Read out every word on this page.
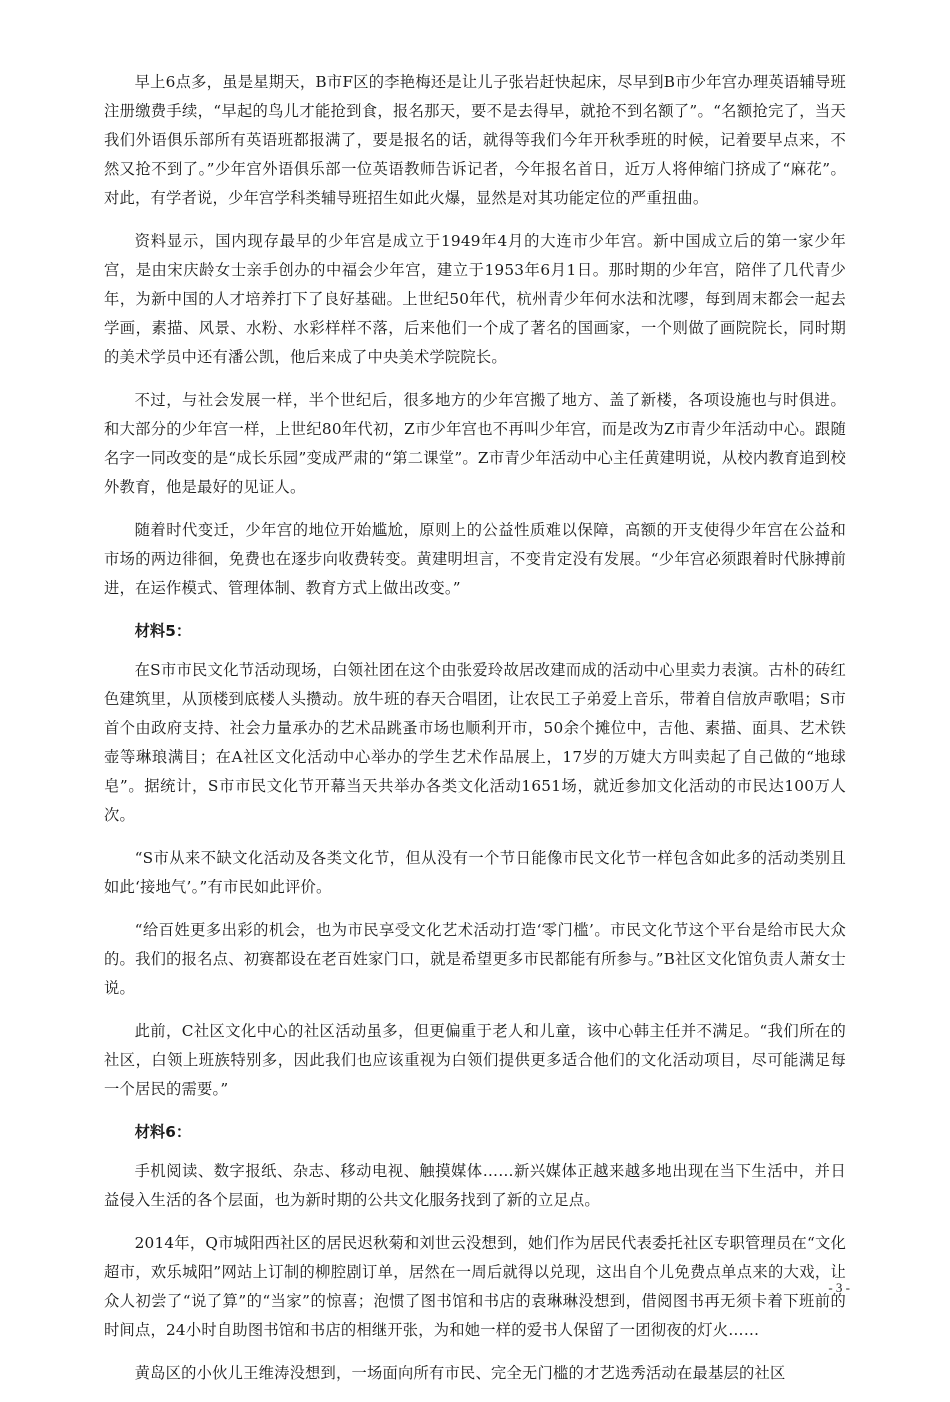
早上6点多，虽是星期天，B市F区的李艳梅还是让儿子张岩赶快起床，尽早到B市少年宫办理英语辅导班注册缴费手续，“早起的鸟儿才能抢到食，报名那天，要不是去得早，就抢不到名额了”。“名额抢完了，当天我们外语俱乐部所有英语班都报满了，要是报名的话，就得等我们今年开秋季班的时候，记着要早点来，不然又抢不到了。”少年宫外语俱乐部一位英语教师告诉记者，今年报名首日，近万人将伸缩门挤成了“麻花”。对此，有学者说，少年宫学科类辅导班招生如此火爆，显然是对其功能定位的严重扭曲。

资料显示，国内现存最早的少年宫是成立于1949年4月的大连市少年宫。新中国成立后的第一家少年宫，是由宋庆龄女士亲手创办的中福会少年宫，建立于1953年6月1日。那时期的少年宫，陪伴了几代青少年，为新中国的人才培养打下了良好基础。上世纪50年代，杭州青少年何水法和沈嘐，每到周末都会一起去学画，素描、风景、水粉、水彩样样不落，后来他们一个成了著名的国画家，一个则做了画院院长，同时期的美术学员中还有潘公凯，他后来成了中央美术学院院长。

不过，与社会发展一样，半个世纪后，很多地方的少年宫搬了地方、盖了新楼，各项设施也与时俱进。和大部分的少年宫一样，上世纪80年代初，Z市少年宫也不再叫少年宫，而是改为Z市青少年活动中心。跟随名字一同改变的是“成长乐园”变成严肃的“第二课堂”。Z市青少年活动中心主任黄建明说，从校内教育追到校外教育，他是最好的见证人。

随着时代变迁，少年宫的地位开始尴尬，原则上的公益性质难以保障，高额的开支使得少年宫在公益和市场的两边徘徊，免费也在逐步向收费转变。黄建明坦言，不变肯定没有发展。“少年宫必须跟着时代脉搏前进，在运作模式、管理体制、教育方式上做出改变。”

材料5：

在S市市民文化节活动现场，白领社团在这个由张爱玲故居改建而成的活动中心里卖力表演。古朴的砖红色建筑里，从顶楼到底楼人头攒动。放牛班的春天合唱团，让农民工子弟爱上音乐，带着自信放声歌唱；S市首个由政府支持、社会力量承办的艺术品跳蚤市场也顺利开市，50余个摊位中，吉他、素描、面具、艺术铁壶等琳琅满目；在A社区文化活动中心举办的学生艺术作品展上，17岁的万婕大方叫卖起了自己做的“地球皂”。据统计，S市市民文化节开幕当天共举办各类文化活动1651场，就近参加文化活动的市民达100万人次。

“S市从来不缺文化活动及各类文化节，但从没有一个节日能像市民文化节一样包含如此多的活动类别且如此‘接地气’。”有市民如此评价。

“给百姓更多出彩的机会，也为市民享受文化艺术活动打造‘零门槛’。市民文化节这个平台是给市民大众的。我们的报名点、初赛都设在老百姓家门口，就是希望更多市民都能有所参与。”B社区文化馆负责人萧女士说。

此前，C社区文化中心的社区活动虽多，但更偏重于老人和儿童，该中心韩主任并不满足。“我们所在的社区，白领上班族特别多，因此我们也应该重视为白领们提供更多适合他们的文化活动项目，尽可能满足每一个居民的需要。”

材料6：

手机阅读、数字报纸、杂志、移动电视、触摸媒体……新兴媒体正越来越多地出现在当下生活中，并日益侵入生活的各个层面，也为新时期的公共文化服务找到了新的立足点。

2014年，Q市城阳西社区的居民迟秋菊和刘世云没想到，她们作为居民代表委托社区专职管理员在“文化超市，欢乐城阳”网站上订制的柳腔剧订单，居然在一周后就得以兑现，这出自个儿免费点单点来的大戏，让众人初尝了“说了算”的“当家”的惊喜；泡惯了图书馆和书店的袁琳琳没想到，借阅图书再无须卡着下班前的时间点，24小时自助图书馆和书店的相继开张，为和她一样的爱书人保留了一团彻夜的灯火……

黄岛区的小伙儿王维涛没想到，一场面向所有市民、完全无门槛的才艺选秀活动在最基层的社区

- 3 -
